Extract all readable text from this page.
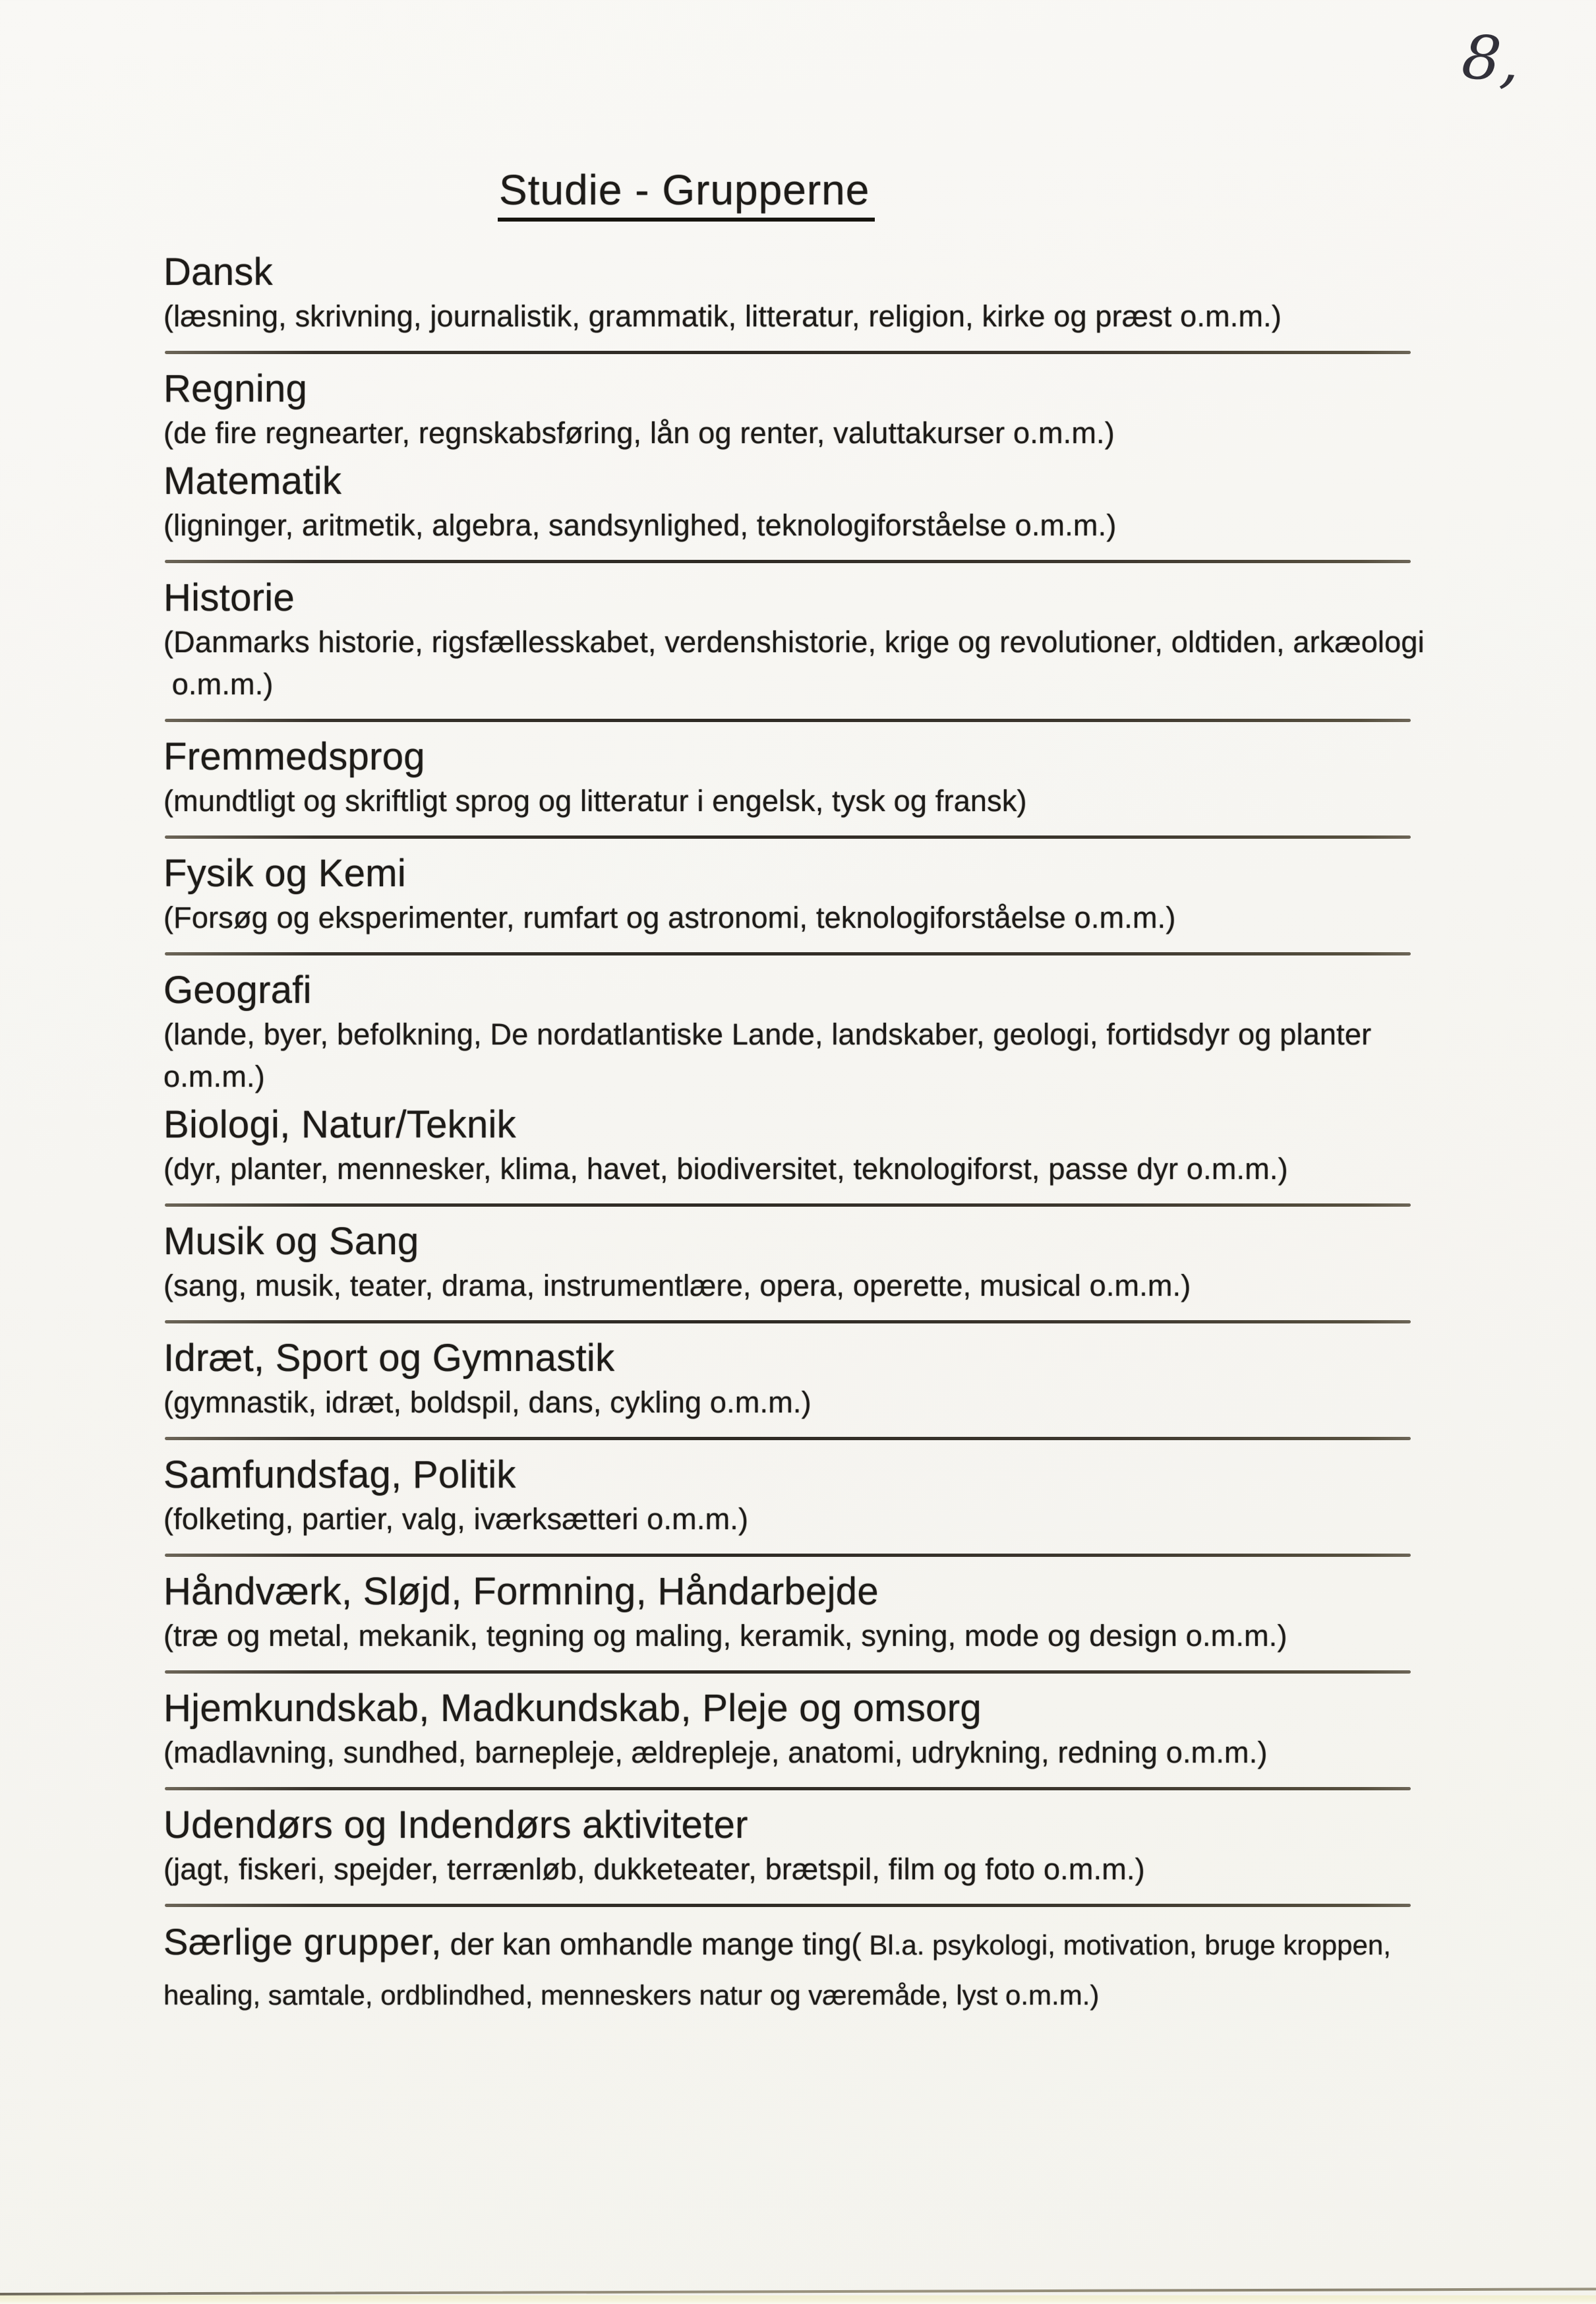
8,
Studie - Grupperne
Dansk
(læsning, skrivning, journalistik, grammatik, litteratur, religion, kirke og præst o.m.m.)
Regning
(de fire regnearter, regnskabsføring, lån og renter, valuttakurser o.m.m.)
Matematik
(ligninger, aritmetik, algebra, sandsynlighed, teknologiforståelse o.m.m.)
Historie
(Danmarks historie, rigsfællesskabet, verdenshistorie, krige og revolutioner, oldtiden, arkæologi  o.m.m.)
Fremmedsprog
(mundtligt og skriftligt sprog og litteratur i engelsk, tysk og fransk)
Fysik og Kemi
(Forsøg og eksperimenter, rumfart og astronomi, teknologiforståelse o.m.m.)
Geografi
(lande, byer, befolkning, De nordatlantiske Lande, landskaber, geologi, fortidsdyr og planter o.m.m.)
Biologi, Natur/Teknik
(dyr, planter, mennesker, klima, havet, biodiversitet, teknologiforst, passe dyr o.m.m.)
Musik og Sang
(sang, musik, teater, drama, instrumentlære, opera, operette, musical o.m.m.)
Idræt, Sport og Gymnastik
(gymnastik, idræt, boldspil, dans, cykling o.m.m.)
Samfundsfag, Politik
(folketing, partier, valg, iværksætteri o.m.m.)
Håndværk, Sløjd, Formning, Håndarbejde
(træ og metal, mekanik, tegning og maling, keramik, syning, mode og design o.m.m.)
Hjemkundskab, Madkundskab, Pleje og omsorg
(madlavning, sundhed, barnepleje, ældrepleje, anatomi, udrykning, redning o.m.m.)
Udendørs og Indendørs aktiviteter
(jagt, fiskeri, spejder, terrænløb, dukketeater, brætspil, film og foto o.m.m.)
Særlige grupper, der kan omhandle mange ting( Bl.a. psykologi, motivation, bruge kroppen, healing, samtale, ordblindhed, menneskers natur og væremåde, lyst o.m.m.)
